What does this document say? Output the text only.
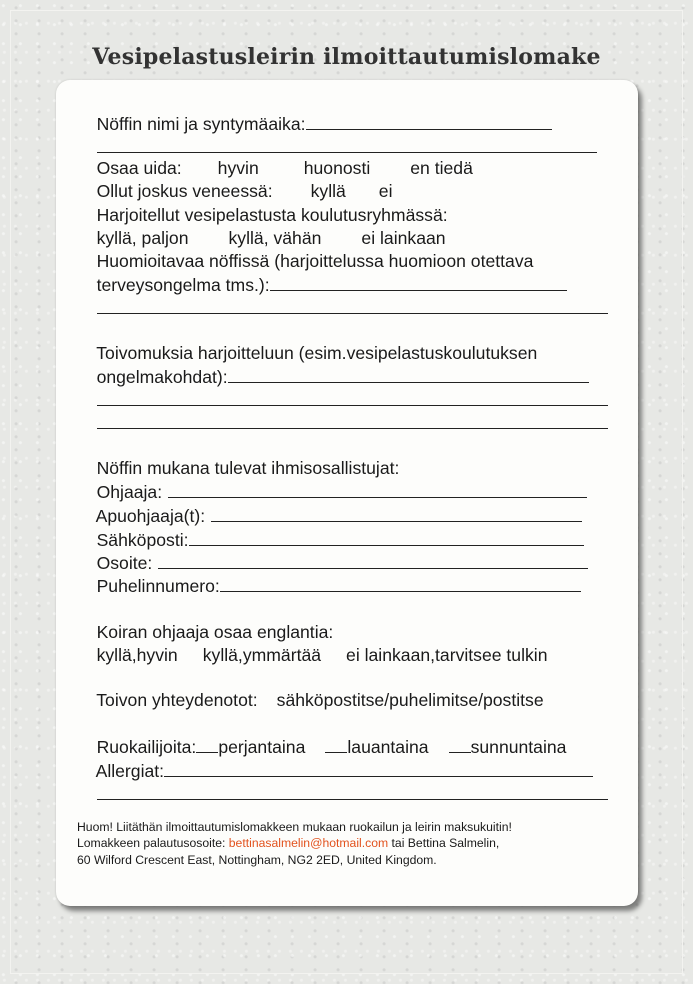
Vesipelastusleirin ilmoittautumislomake

Nöffin nimi ja syntymäaika:

Osaa uida: hyvin	huonosti en tiedä

Ollut joskus veneessä: kyllä ei

Harjoitellut vesipelastusta koulutusryhmässä:

kyllä, paljon kyllä, vähän ei lainkaan

Huomioitavaa nöffissä (harjoittelussa huomioon otettava

terveysongelma tms.):

Toivomuksia harjoitteluun (esim.vesipelastuskoulutuksen

ongelmakohdat):

Nöffin mukana tulevat ihmisosallistujat:

Ohjaaja:

Apuohjaaja(t):

Sähköposti:

Osoite:

Puhelinnumero:

Koiran ohjaaja osaa englantia:

kyllä,hyvin kyllä,ymmärtää ei lainkaan,tarvitsee tulkin

Toivon yhteydenotot: sähköpostitse/puhelimitse/postitse

Ruokailijoita: perjantaina lauantaina sunnuntaina

Allergiat:

Huom! Liitäthän ilmoittautumislomakkeen mukaan ruokailun ja leirin maksukuitin!
Lomakkeen palautusosoite: bettinasalmelin@hotmail.com tai Bettina Salmelin,
60 Wilford Crescent East, Nottingham, NG2 2ED, United Kingdom.
